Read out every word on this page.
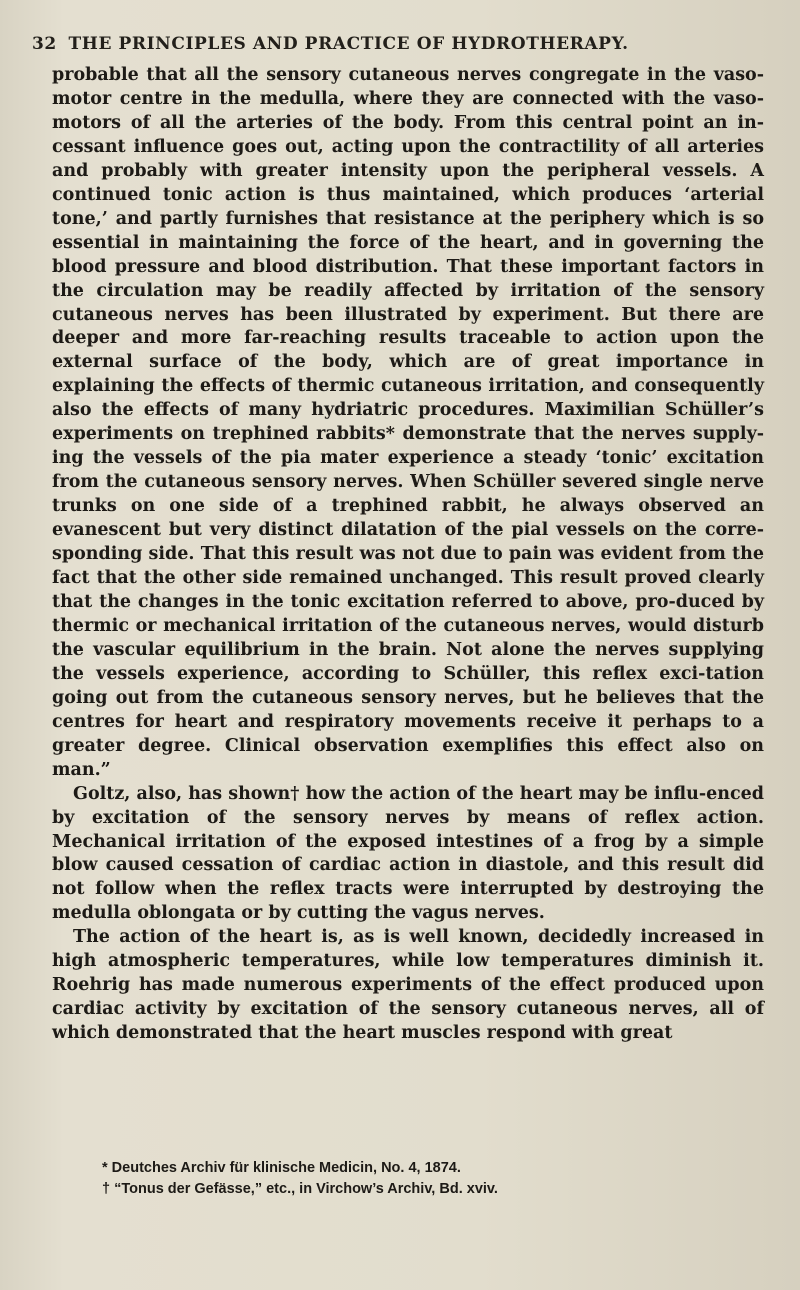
32 THE PRINCIPLES AND PRACTICE OF HYDROTHERAPY.

probable that all the sensory cutaneous nerves congregate in the vaso-motor centre in the medulla, where they are connected with the vaso-motors of all the arteries of the body. From this central point an in-cessant influence goes out, acting upon the contractility of all arteries and probably with greater intensity upon the peripheral vessels. A continued tonic action is thus maintained, which produces ‘arterial tone,’ and partly furnishes that resistance at the periphery which is so essential in maintaining the force of the heart, and in governing the blood pressure and blood distribution. That these important factors in the circulation may be readily affected by irritation of the sensory cutaneous nerves has been illustrated by experiment. But there are deeper and more far-reaching results traceable to action upon the external surface of the body, which are of great importance in explaining the effects of thermic cutaneous irritation, and consequently also the effects of many hydriatric procedures. Maximilian Schüller’s experiments on trephined rabbits* demonstrate that the nerves supply-ing the vessels of the pia mater experience a steady ‘tonic’ excitation from the cutaneous sensory nerves. When Schüller severed single nerve trunks on one side of a trephined rabbit, he always observed an evanescent but very distinct dilatation of the pial vessels on the corre-sponding side. That this result was not due to pain was evident from the fact that the other side remained unchanged. This result proved clearly that the changes in the tonic excitation referred to above, pro-duced by thermic or mechanical irritation of the cutaneous nerves, would disturb the vascular equilibrium in the brain. Not alone the nerves supplying the vessels experience, according to Schüller, this reflex exci-tation going out from the cutaneous sensory nerves, but he believes that the centres for heart and respiratory movements receive it perhaps to a greater degree. Clinical observation exemplifies this effect also on man.”

Goltz, also, has shown† how the action of the heart may be influ-enced by excitation of the sensory nerves by means of reflex action. Mechanical irritation of the exposed intestines of a frog by a simple blow caused cessation of cardiac action in diastole, and this result did not follow when the reflex tracts were interrupted by destroying the medulla oblongata or by cutting the vagus nerves.

The action of the heart is, as is well known, decidedly increased in high atmospheric temperatures, while low temperatures diminish it. Roehrig has made numerous experiments of the effect produced upon cardiac activity by excitation of the sensory cutaneous nerves, all of which demonstrated that the heart muscles respond with great

* Deutches Archiv für klinische Medicin, No. 4, 1874.
† “Tonus der Gefässe,” etc., in Virchow’s Archiv, Bd. xviv.
